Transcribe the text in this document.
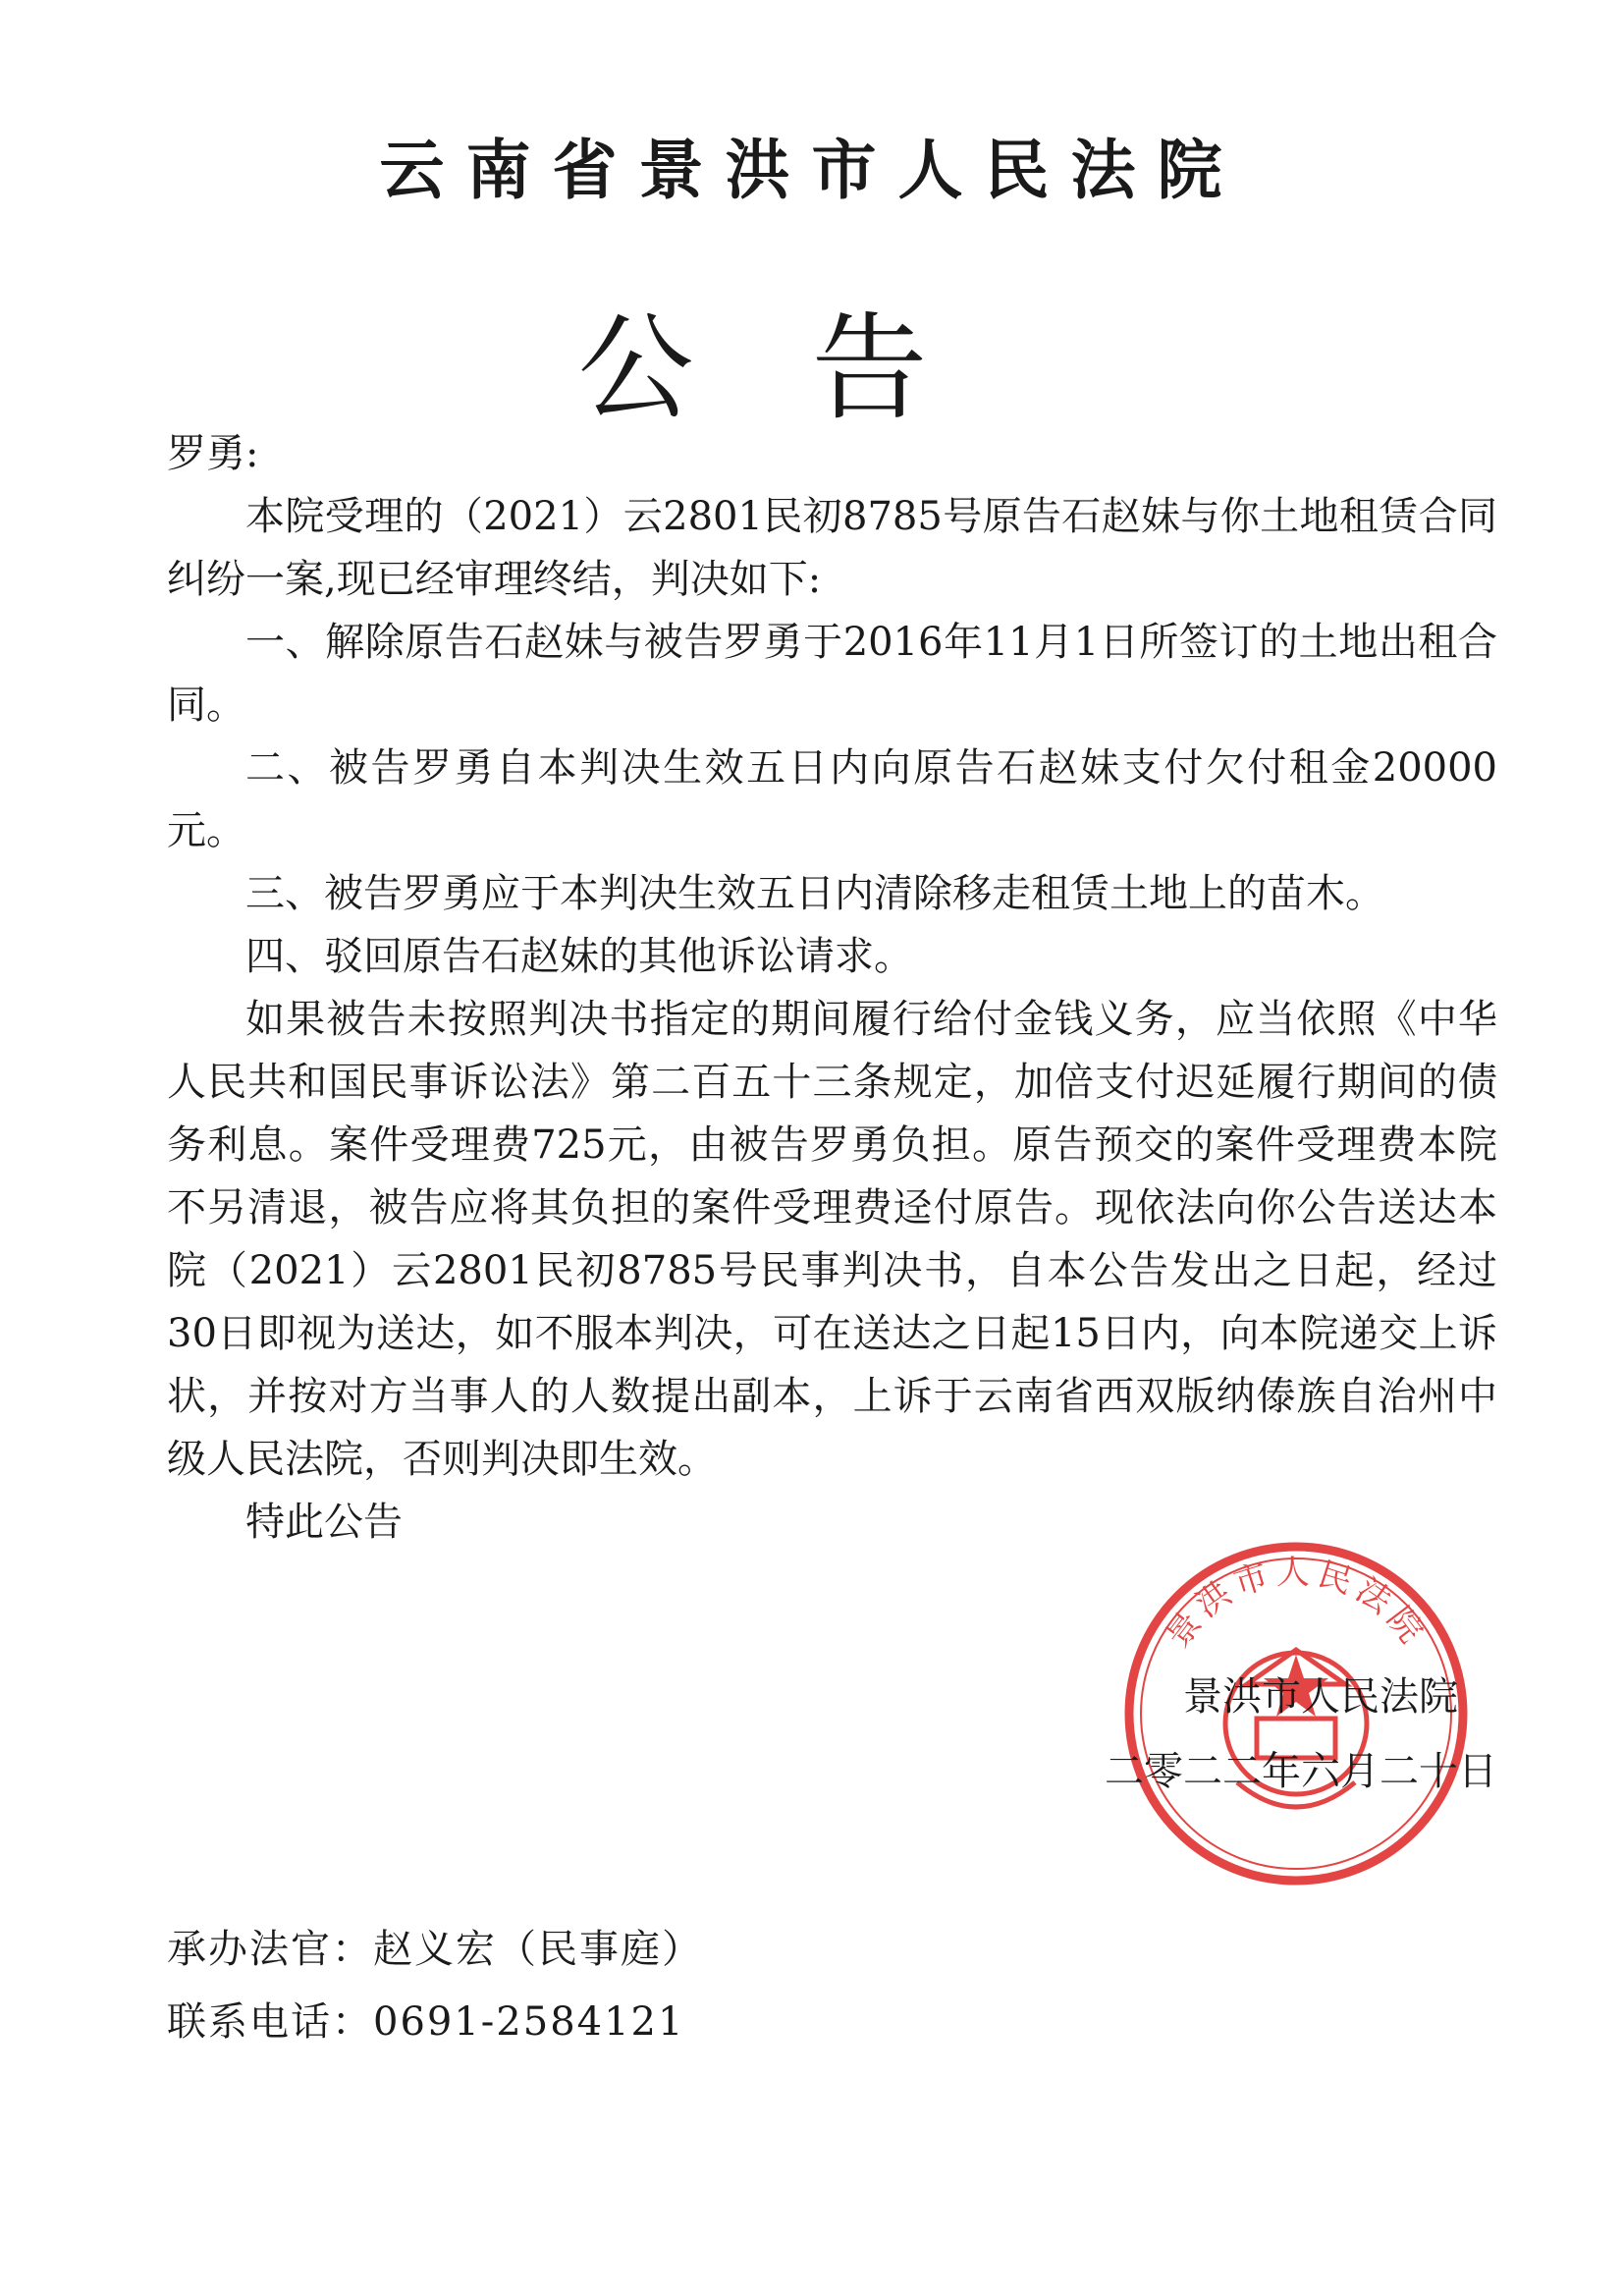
云南省景洪市人民法院
公告

罗勇:

本院受理的（2021）云2801民初8785号原告石赵妹与你土地租赁合同纠纷一案,现已经审理终结，判决如下:

一、解除原告石赵妹与被告罗勇于2016年11月1日所签订的土地出租合同。

二、被告罗勇自本判决生效五日内向原告石赵妹支付欠付租金20000元。

三、被告罗勇应于本判决生效五日内清除移走租赁土地上的苗木。

四、驳回原告石赵妹的其他诉讼请求。

如果被告未按照判决书指定的期间履行给付金钱义务，应当依照《中华人民共和国民事诉讼法》第二百五十三条规定，加倍支付迟延履行期间的债务利息。案件受理费725元，由被告罗勇负担。原告预交的案件受理费本院不另清退，被告应将其负担的案件受理费迳付原告。现依法向你公告送达本院（2021）云2801民初8785号民事判决书，自本公告发出之日起，经过30日即视为送达，如不服本判决，可在送达之日起15日内，向本院递交上诉状，并按对方当事人的人数提出副本，上诉于云南省西双版纳傣族自治州中级人民法院，否则判决即生效。

特此公告

景洪市人民法院
景洪市人民法院
二零二二年六月二十日
承办法官：赵义宏（民事庭）
联系电话：0691-2584121
